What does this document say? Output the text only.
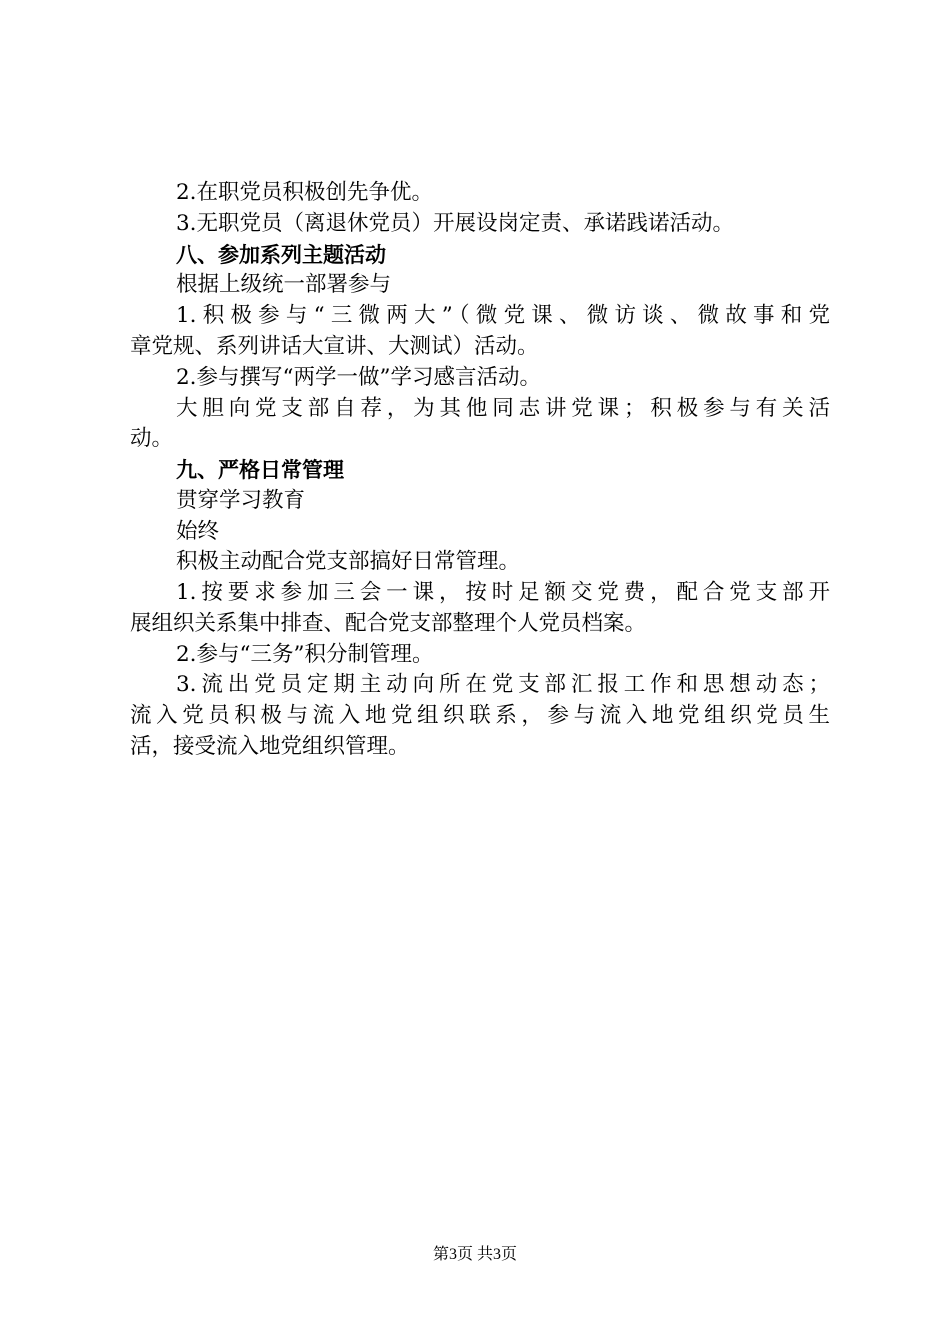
2.在职党员积极创先争优。
3.无职党员（离退休党员）开展设岗定责、承诺践诺活动。
八、参加系列主题活动
根据上级统一部署参与
1.积极参与“三微两大”（微党课、微访谈、微故事和党
章党规、系列讲话大宣讲、大测试）活动。
2.参与撰写“两学一做”学习感言活动。
大胆向党支部自荐，为其他同志讲党课；积极参与有关活
动。
九、严格日常管理
贯穿学习教育
始终
积极主动配合党支部搞好日常管理。
1.按要求参加三会一课，按时足额交党费，配合党支部开
展组织关系集中排查、配合党支部整理个人党员档案。
2.参与“三务”积分制管理。
3.流出党员定期主动向所在党支部汇报工作和思想动态；
流入党员积极与流入地党组织联系，参与流入地党组织党员生
活，接受流入地党组织管理。
第3页 共3页
